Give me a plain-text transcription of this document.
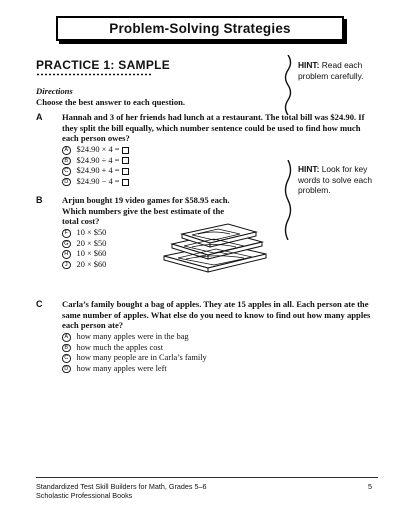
Problem-Solving Strategies
PRACTICE 1: SAMPLE	HINT: Read each
problem carefully.
HINT: Look for key
words to solve each
problem.
Directions
Choose the best answer to each question.
A Hannah and 3 of her friends had lunch at a restaurant. The total bill was $24.90. If
they split the bill equally, which number sentence could be used to find how much
each person owes?
A $24.90 × 4 =
B $24.90 ÷ 4 =
C $24.90 + 4 =
D $24.90 − 4 =
B Arjun bought 19 video games for $58.95 each.
Which numbers give the best estimate of the
total cost?
F	10 × $50
G 20 × $50
H 10 × $60
J	20 × $60
C Carla’s family bought a bag of apples. They ate 15 apples in all. Each person ate the
same number of apples. What else do you need to know to find out how many apples
each person ate?
A how many apples were in the bag
B how much the apples cost
C how many people are in Carla’s family
D how many apples were left
Standardized Test Skill Builders for Math, Grades 5–6
Scholastic Professional Books
5
